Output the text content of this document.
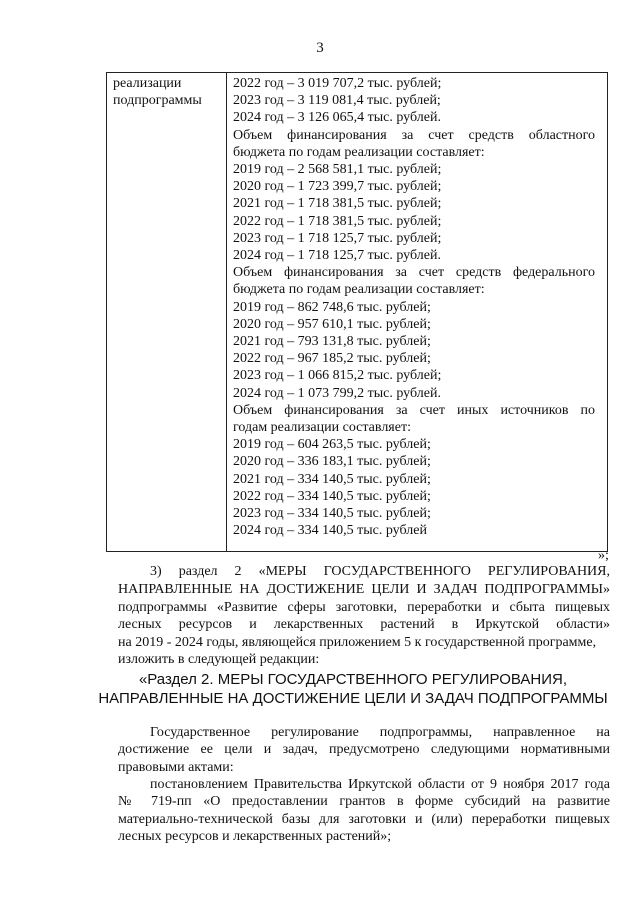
3
реализации
подпрограммы
2022 год – 3 019 707,2 тыс. рублей;
2023 год – 3 119 081,4 тыс. рублей;
2024 год – 3 126 065,4 тыс. рублей.
Объем финансирования за счет средств областного
бюджета по годам реализации составляет:
2019 год – 2 568 581,1 тыс. рублей;
2020 год – 1 723 399,7 тыс. рублей;
2021 год – 1 718 381,5 тыс. рублей;
2022 год – 1 718 381,5 тыс. рублей;
2023 год – 1 718 125,7 тыс. рублей;
2024 год – 1 718 125,7 тыс. рублей.
Объем финансирования за счет средств федерального
бюджета по годам реализации составляет:
2019 год – 862 748,6 тыс. рублей;
2020 год – 957 610,1 тыс. рублей;
2021 год – 793 131,8 тыс. рублей;
2022 год – 967 185,2 тыс. рублей;
2023 год – 1 066 815,2 тыс. рублей;
2024 год – 1 073 799,2 тыс. рублей.
Объем финансирования за счет иных источников по
годам реализации составляет:
2019 год – 604 263,5 тыс. рублей;
2020 год – 336 183,1 тыс. рублей;
2021 год – 334 140,5 тыс. рублей;
2022 год – 334 140,5 тыс. рублей;
2023 год – 334 140,5 тыс. рублей;
2024 год – 334 140,5 тыс. рублей
»;
3) раздел 2 «МЕРЫ ГОСУДАРСТВЕННОГО РЕГУЛИРОВАНИЯ,
НАПРАВЛЕННЫЕ НА ДОСТИЖЕНИЕ ЦЕЛИ И ЗАДАЧ ПОДПРОГРАММЫ»
подпрограммы «Развитие сферы заготовки, переработки и сбыта пищевых
лесных ресурсов и лекарственных растений в Иркутской области»
на 2019 - 2024 годы, являющейся приложением 5 к государственной программе,
изложить в следующей редакции:
«Раздел 2. МЕРЫ ГОСУДАРСТВЕННОГО РЕГУЛИРОВАНИЯ,
НАПРАВЛЕННЫЕ НА ДОСТИЖЕНИЕ ЦЕЛИ И ЗАДАЧ ПОДПРОГРАММЫ
Государственное регулирование подпрограммы, направленное на
достижение ее цели и задач, предусмотрено следующими нормативными
правовыми актами:
постановлением Правительства Иркутской области от 9 ноября 2017 года
№ 719-пп «О предоставлении грантов в форме субсидий на развитие
материально-технической базы для заготовки и (или) переработки пищевых
лесных ресурсов и лекарственных растений»;
